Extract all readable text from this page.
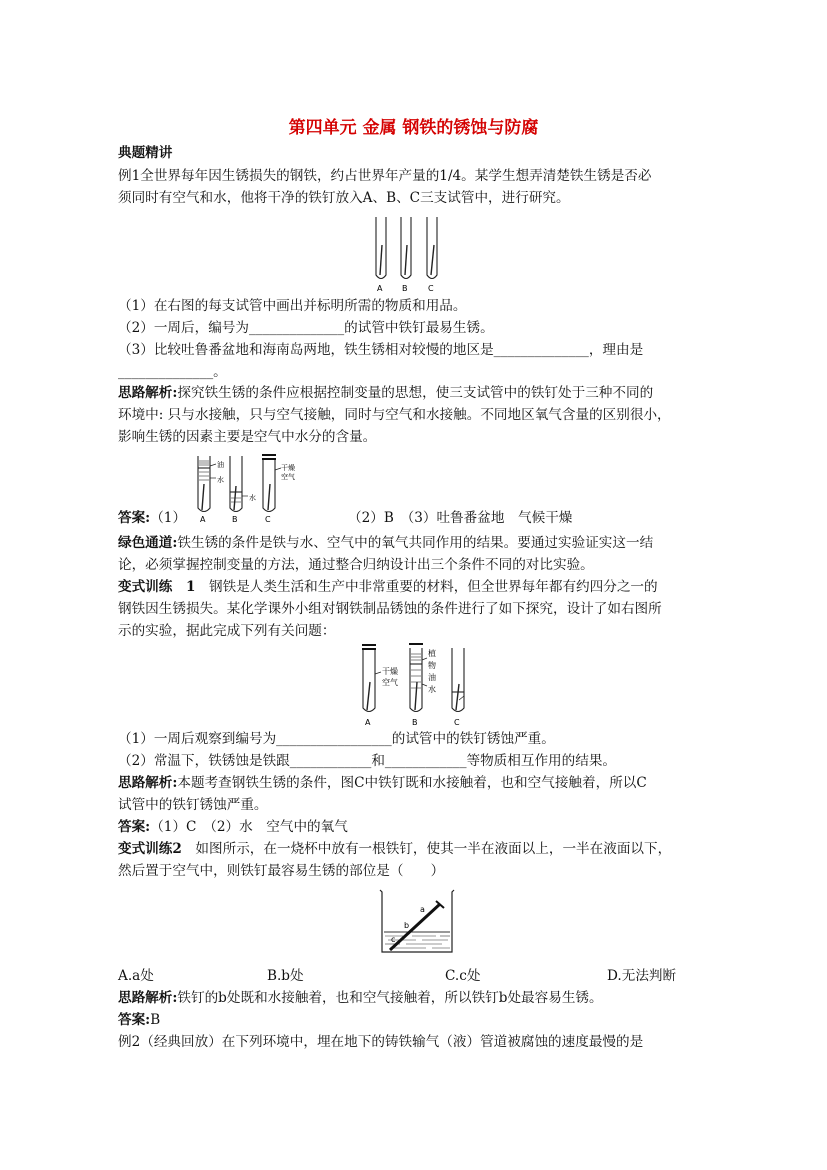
第四单元 金属 钢铁的锈蚀与防腐
典题精讲
例1全世界每年因生锈损失的钢铁，约占世界年产量的1/4。某学生想弄清楚铁生锈是否必
须同时有空气和水，他将干净的铁钉放入A、B、C三支试管中，进行研究。
A B	C
（1）在右图的每支试管中画出并标明所需的物质和用品。
（2）一周后，编号为______________的试管中铁钉最易生锈。
（3）比较吐鲁番盆地和海南岛两地，铁生锈相对较慢的地区是______________，理由是
______________。
思路解析:探究铁生锈的条件应根据控制变量的思想，使三支试管中的铁钉处于三种不同的
环境中: 只与水接触，只与空气接触，同时与空气和水接触。不同地区氧气含量的区别很小，
影响生锈的因素主要是空气中水分的含量。
油
水
水
干燥
空气
A	B	C
答案:（1）	（2）B　（3）吐鲁番盆地　气候干燥
绿色通道:铁生锈的条件是铁与水、空气中的氧气共同作用的结果。要通过实验证实这一结
论，必须掌握控制变量的方法，通过整合归纳设计出三个条件不同的对比实验。
变式训练　1　钢铁是人类生活和生产中非常重要的材料，但全世界每年都有约四分之一的
钢铁因生锈损失。某化学课外小组对钢铁制品锈蚀的条件进行了如下探究，设计了如右图所
示的实验，据此完成下列有关问题：
干燥
空气
植
物
油
水
A	B	C
（1）一周后观察到编号为_________________的试管中的铁钉锈蚀严重。
（2）常温下，铁锈蚀是铁跟____________和____________等物质相互作用的结果。
思路解析:本题考查钢铁生锈的条件，图C中铁钉既和水接触着，也和空气接触着，所以C
试管中的铁钉锈蚀严重。
答案:（1）C　（2）水　空气中的氧气
变式训练2　如图所示，在一烧杯中放有一根铁钉，使其一半在液面以上，一半在液面以下，
然后置于空气中，则铁钉最容易生锈的部位是（　　）
a
b
c
A.a处	B.b处	C.c处	D.无法判断
思路解析:铁钉的b处既和水接触着，也和空气接触着，所以铁钉b处最容易生锈。
答案:B
例2（经典回放）在下列环境中，埋在地下的铸铁输气（液）管道被腐蚀的速度最慢的是
